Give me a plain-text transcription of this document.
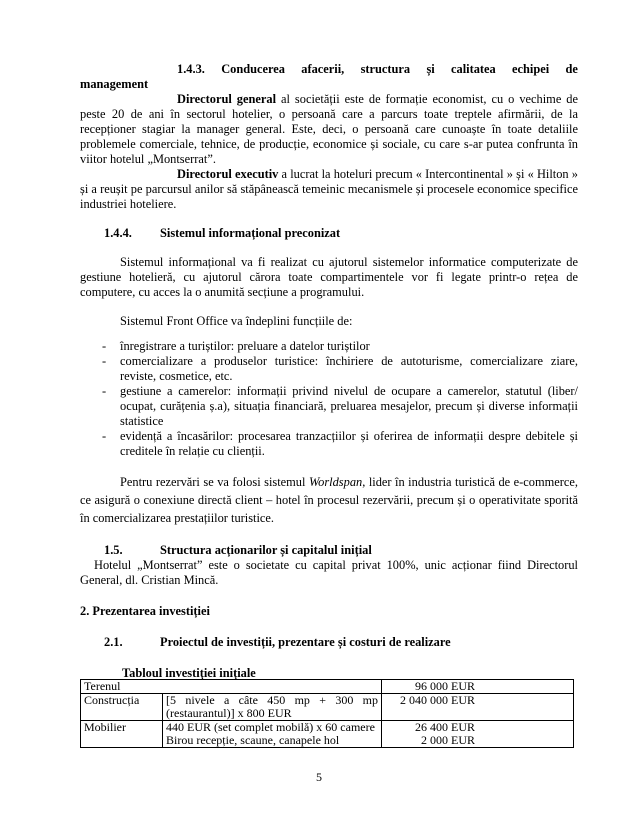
1.4.3. Conducerea afacerii, structura și calitatea echipei de

management

Directorul general al societății este de formație economist, cu o vechime de peste 20 de ani în sectorul hotelier, o persoană care a parcurs toate treptele afirmării, de la recepționer stagiar la manager general. Este, deci, o persoană care cunoaște în toate detaliile problemele comerciale, tehnice, de producție, economice și sociale, cu care s-ar putea confrunta în viitor hotelul „Montserrat”.

Directorul executiv a lucrat la hoteluri precum « Intercontinental » și « Hilton » și a reușit pe parcursul anilor să stăpânească temeinic mecanismele și procesele economice specifice industriei hoteliere.

1.4.4.	Sistemul informațional preconizat

Sistemul informațional va fi realizat cu ajutorul sistemelor informatice computerizate de gestiune hotelieră, cu ajutorul cărora toate compartimentele vor fi legate printr-o rețea de computere, cu acces la o anumită secțiune a programului.

Sistemul Front Office va îndeplini funcțiile de:

- înregistrare a turiștilor: preluare a datelor turiștilor
- comercializare a produselor turistice: închiriere de autoturisme, comercializare ziare, reviste, cosmetice, etc.
- gestiune a camerelor: informații privind nivelul de ocupare a camerelor, statutul (liber/ ocupat, curățenia ș.a), situația financiară, preluarea mesajelor, precum și diverse informații statistice
- evidență a încasărilor: procesarea tranzacțiilor și oferirea de informații despre debitele și creditele în relație cu clienții.

Pentru rezervări se va folosi sistemul Worldspan, lider în industria turistică de e-commerce, ce asigură o conexiune directă client – hotel în procesul rezervării, precum și o operativitate sporită în comercializarea prestațiilor turistice.

1.5.	Structura acționarilor și capitalul inițial

Hotelul „Montserrat” este o societate cu capital privat 100%, unic acționar fiind Directorul General, dl. Cristian Mincă.

2. Prezentarea investiției

2.1.	Proiectul de investiții, prezentare și costuri de realizare

Tabloul investiției inițiale

Terenul		96 000 EUR
Construcția	[5 nivele a câte 450 mp + 300 mp (restaurantul)] x 800 EUR	2 040 000 EUR
Mobilier	440 EUR (set complet mobilă) x 60 camere	26 400 EUR
	Birou recepție, scaune, canapele hol	2 000 EUR
5
